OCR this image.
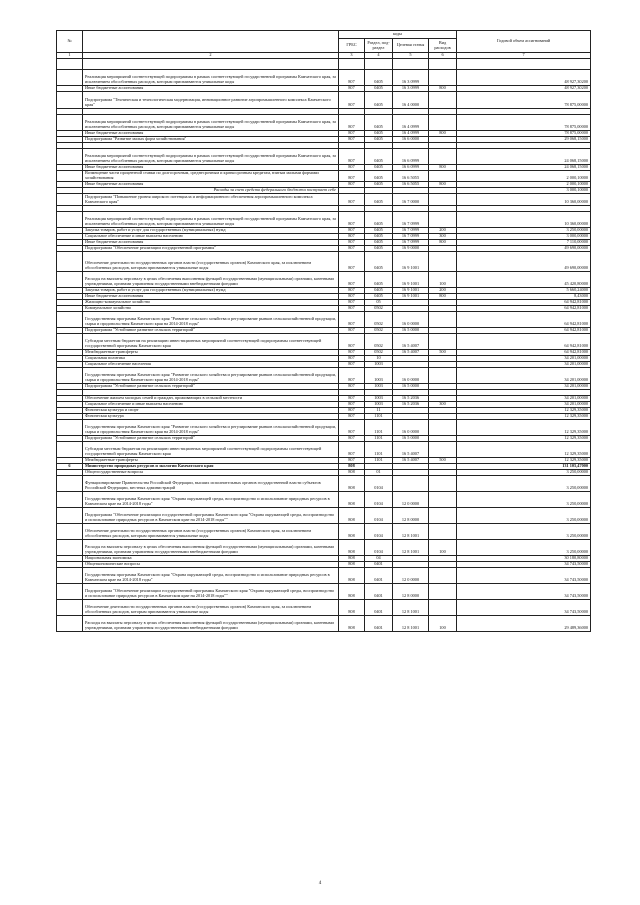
№		коды				Годовой объем ассигнований
		ГРБС	Раздел, под-раздел	Целевая статья	Вид расходов	
1	2	3	4	5	6	7

	Реализация мероприятий соответствующей подпрограммы в рамках соответствующей государственной программы Камчатского края, за исключением обособленных расходов, которым присваиваются уникальные коды	807	0405	16 3 0999		48 927,30200
	Иные бюджетные ассигнования	807	0405	16 3 0999	800	48 927,30200
	Подпрограмма "Техническая и технологическая модернизация, инновационное развитие агропромышленного комплекса Камчатского края"	807	0405	16 4 0000		78 875,00000

	Реализация мероприятий соответствующей подпрограммы в рамках соответствующей государственной программы Камчатского края, за исключением обособленных расходов, которым присваиваются уникальные коды	807	0405	16 4 0999		78 875,00000
	Иные бюджетные ассигнования	807	0405	16 4 0999	800	78 875,00000
	Подпрограмма "Развитие малых форм хозяйствования"	807	0405	16 6 0000		29 068,15000

	Реализация мероприятий соответствующей подпрограммы в рамках соответствующей государственной программы Камчатского края, за исключением обособленных расходов, которым присваиваются уникальные коды	807	0405	16 6 0999		24 068,15000
	Иные бюджетные ассигнования	807	0405	16 6 0999	800	24 068,15000
	Возмещение части процентной ставки по долгосрочным, среднесрочным и краткосрочным кредитам, взятым малыми формами хозяйствования	807	0405	16 6 5055		2 000,10000
	Иные бюджетные ассигнования	807	0405	16 6 5055	800	2 000,10000
	Расходы за счет средств федерального бюджета поступает себе					3 000,10000
	Подпрограмма "Повышение уровня широкого потенциала и информационного обеспечения агропромышленного комплекса Камчатского края"	807	0405	16 7 0000		10 360,00000

	Реализация мероприятий соответствующей подпрограммы в рамках соответствующей государственной программы Камчатского края, за исключением обособленных расходов, которым присваиваются уникальные коды	807	0405	16 7 0999		10 360,00000
	Закупка товаров, работ и услуг для государственных (муниципальных) нужд	807	0405	16 7 0999	200	3 250,00000
	Социальное обеспечение и иные выплаты населению	807	0405	16 7 0999	300	3 000,00000
	Иные бюджетные ассигнования	807	0405	16 7 0999	800	7 110,00000
	Подпрограмма "Обеспечение реализации государственной программы"	807	0405	16 9 0000		49 690,00000
	Обеспечение деятельности государственных органов власти (государственных органов) Камчатского края, за исключением обособленных расходов, которым присваиваются уникальные коды	807	0405	16 9 1001		49 690,00000
	Расходы на выплаты персоналу в целях обеспечения выполнения функций государственными (муниципальными) органами, казенными учреждениями, органами управления государственными внебюджетными фондами	807	0405	16 9 1001	100	45 420,80000
	Закупка товаров, работ и услуг для государственных (муниципальных) нужд	807	0405	16 9 1001	200	5 660,24000
	Иные бюджетные ассигнования	807	0405	16 9 1001	800	8,43000
	Жилищно-коммунальное хозяйство	807	05			64 942,81000
	Коммунальное хозяйство	807	0502			64 942,81000
	Государственная программа Камчатского края "Развитие сельского хозяйства и регулирование рынков сельскохозяйственной продукции, сырья и продовольствия Камчатского края на 2014-2018 годы"	807	0502	16 0 0000		64 942,81000
	Подпрограмма "Устойчивое развитие сельских территорий"	807	0502	16 5 0000		64 942,81000
	Субсидии местным бюджетам на реализацию инвестиционных мероприятий соответствующей подпрограммы соответствующей государственной программы Камчатского края	807	0502	16 5 4007		64 942,81000
	Межбюджетные трансферты	807	0502	16 5 4007	500	64 942,81000
	Социальная политика	807	10			34 201,00000
	Социальное обеспечение населения	807	1003			34 201,00000
	Государственная программа Камчатского края "Развитие сельского хозяйства и регулирование рынков сельскохозяйственной продукции, сырья и продовольствия Камчатского края на 2014-2018 годы"	807	1003	16 0 0000		34 201,00000
	Подпрограмма "Устойчивое развитие сельских территорий"	807	1003	16 5 0000		34 201,00000

	Обеспечение жильем молодых семей и граждан, проживающих в сельской местности	807	1003	16 5 2036		34 201,00000
	Социальное обеспечение и иные выплаты населению	807	1003	16 5 2036	300	34 201,00000
	Физическая культура и спорт	807	11			12 329,35000
	Физическая культура	807	1101			12 329,35000
	Государственная программа Камчатского края "Развитие сельского хозяйства и регулирование рынков сельскохозяйственной продукции, сырья и продовольствия Камчатского края на 2014-2018 годы"	807	1101	16 0 0000		12 329,35000
	Подпрограмма "Устойчивое развитие сельских территорий"	807	1101	16 5 0000		12 329,35000
	Субсидии местным бюджетам на реализацию инвестиционных мероприятий соответствующей подпрограммы соответствующей государственной программы Камчатского края	807	1101	16 5 4007		12 329,35000
	Межбюджетные трансферты	807	1101	16 5 4007	500	12 329,35000
6	Министерство природных ресурсов и экологии Камчатского края	808				131 105,47000
	Общегосударственные вопросы	808	01			3 250,00000
	Функционирование Правительства Российской Федерации, высших исполнительных органов государственной власти субъектов Российской Федерации, местных администраций	808	0104			3 250,00000
	Государственная программа Камчатского края "Охрана окружающей среды, воспроизводство и использование природных ресурсов в Камчатском крае на 2014-2018 годы"	808	0104	12 0 0000		3 250,00000
	Подпрограмма "Обеспечение реализации государственной программы Камчатского края "Охрана окружающей среды, воспроизводство и использование природных ресурсов в Камчатском крае на 2014-2018 годы""	808	0104	12 8 0000		3 250,00000
	Обеспечение деятельности государственных органов власти (государственных органов) Камчатского края, за исключением обособленных расходов, которым присваиваются уникальные коды	808	0104	12 8 1001		3 250,00000
	Расходы на выплаты персоналу в целях обеспечения выполнения функций государственными (муниципальными) органами, казенными учреждениями, органами управления государственными внебюджетными фондами	808	0104	12 8 1001	100	3 250,00000
	Национальная экономика	808	04			30 180,80000
	Общеэкономические вопросы	808	0401			34 743,50000
	Государственная программа Камчатского края "Охрана окружающей среды, воспроизводство и использование природных ресурсов в Камчатском крае на 2014-2018 годы"	808	0401	12 0 0000		34 743,50000
	Подпрограмма "Обеспечение реализации государственной программы Камчатского края "Охрана окружающей среды, воспроизводство и использование природных ресурсов в Камчатском крае на 2014-2018 годы""	808	0401	12 8 0000		34 743,50000
	Обеспечение деятельности государственных органов власти (государственных органов) Камчатского края, за исключением обособленных расходов, которым присваиваются уникальные коды	808	0401	12 8 1001		34 743,50000
	Расходы на выплаты персоналу в целях обеспечения выполнения функций государственными (муниципальными) органами, казенными учреждениями, органами управления государственными внебюджетными фондами	808	0401	12 8 1001	100	29 489,36000
4
